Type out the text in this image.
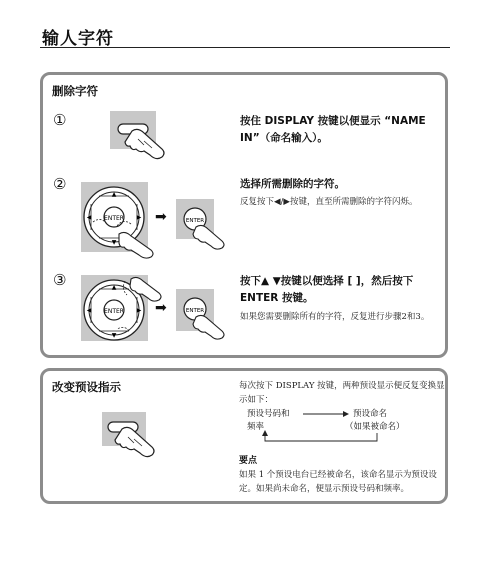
输人字符
删除字符
①	按住 DISPLAY 按键以便显示 “NAME IN”（命名输入）。
②
ENTER
▲
▼
◀	▶ ➡	ENTER
选择所需删除的字符。
反复按下◀/▶按键，直至所需删除的字符闪烁。
③
ENTER
▲
▼
◀	▶ ➡	ENTER
按下▲ ▼按键以便选择 [ ]，然后按下 ENTER 按键。
如果您需要删除所有的字符，反复进行步骤2和3。
改变预设指示	每次按下 DISPLAY 按键，两种预设显示便反复变换显示如下：
预设号码和
频率
预设命名
（如果被命名）
要点
如果 1 个预设电台已经被命名，该命名显示为预设设定。如果尚未命名，便显示预设号码和频率。
